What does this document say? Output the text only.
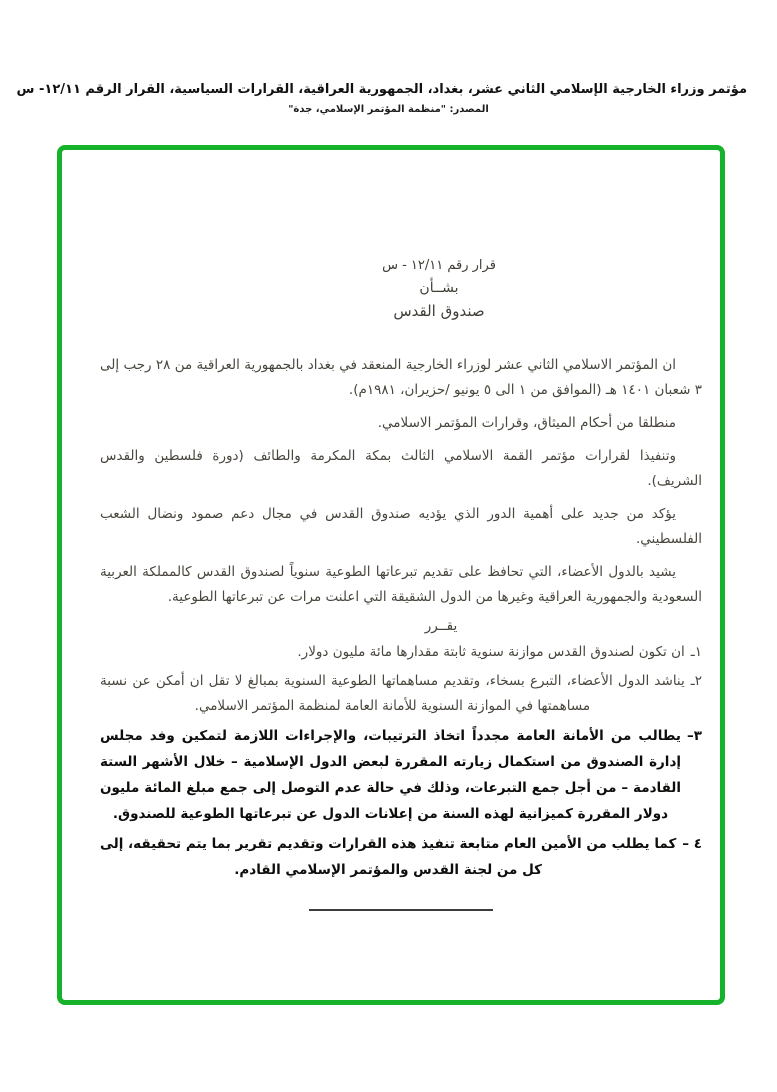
مؤتمر وزراء الخارجية الإسلامي الثاني عشر، بغداد، الجمهورية العراقية، القرارات السياسية، القرار الرقم ١٢/١١- س
المصدر: "منظمة المؤتمر الإسلامي، جدة"
قرار رقم ١٢/١١ - س
بشــأن
صندوق القدس

ان المؤتمر الاسلامي الثاني عشر لوزراء الخارجية المنعقد في بغداد بالجمهورية العراقية من ٢٨ رجب إلى ٣ شعبان ١٤٠١ هـ (الموافق من ١ الى ٥ يونيو /حزيران، ١٩٨١م).

منطلقا من أحكام الميثاق، وقرارات المؤتمر الاسلامي.

وتنفيذا لقرارات مؤتمر القمة الاسلامي الثالث بمكة المكرمة والطائف (دورة فلسطين والقدس الشريف).

يؤكد من جديد على أهمية الدور الذي يؤديه صندوق القدس في مجال دعم صمود ونضال الشعب الفلسطيني.

يشيد بالدول الأعضاء، التي تحافظ على تقديم تبرعاتها الطوعية سنوياً لصندوق القدس كالمملكة العربية السعودية والجمهورية العراقية وغيرها من الدول الشقيقة التي اعلنت مرات عن تبرعاتها الطوعية.

يقــرر
١ـ
ان تكون لصندوق القدس موازنة سنوية ثابتة مقدارها مائة مليون دولار.
٢ـ
يناشد الدول الأعضاء، التبرع بسخاء، وتقديم مساهماتها الطوعية السنوية بمبالغ لا تقل ان أمكن عن نسبة مساهمتها في الموازنة السنوية للأمانة العامة لمنظمة المؤتمر الاسلامي.
٣–
يطالب من الأمانة العامة مجدداً اتخاذ الترتيبات، والإجراءات اللازمة لتمكين وفد مجلس إدارة الصندوق من استكمال زيارته المقررة لبعض الدول الإسلامية – خلال الأشهر الستة القادمة – من أجل جمع التبرعات، وذلك في حالة عدم التوصل إلى جمع مبلغ المائة مليون دولار المقررة كميزانية لهذه السنة من إعلانات الدول عن تبرعاتها الطوعية للصندوق.
٤ –
كما يطلب من الأمين العام متابعة تنفيذ هذه القرارات وتقديم تقرير بما يتم تحقيقه، إلى كل من لجنة القدس والمؤتمر الإسلامي القادم.
